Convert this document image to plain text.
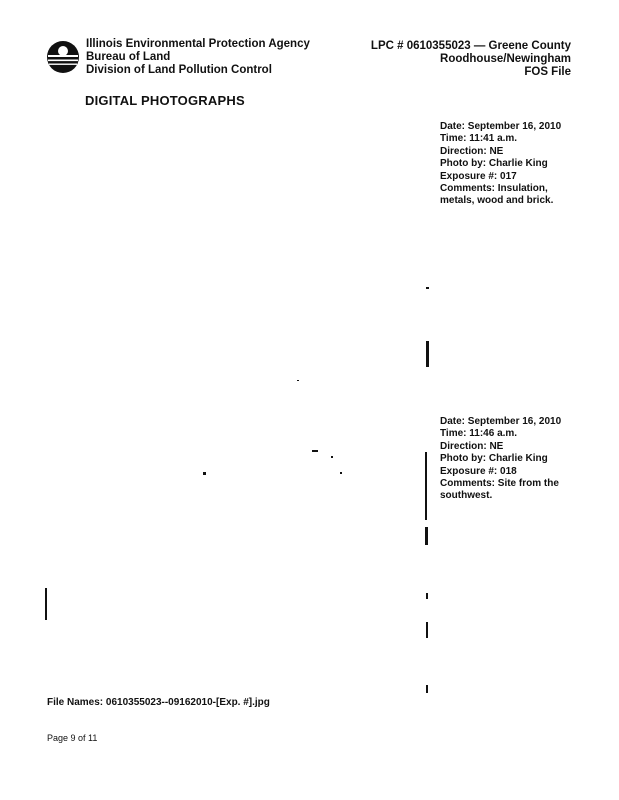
Illinois Environmental Protection Agency
Bureau of Land
Division of Land Pollution Control
LPC # 0610355023 — Greene County
Roodhouse/Newingham
FOS File
DIGITAL PHOTOGRAPHS
Date: September 16, 2010
Time: 11:41 a.m.
Direction: NE
Photo by: Charlie King
Exposure #: 017
Comments: Insulation, metals, wood and brick.
Date: September 16, 2010
Time: 11:46 a.m.
Direction: NE
Photo by: Charlie King
Exposure #: 018
Comments: Site from the southwest.
File Names: 0610355023--09162010-[Exp. #].jpg
Page 9 of 11
